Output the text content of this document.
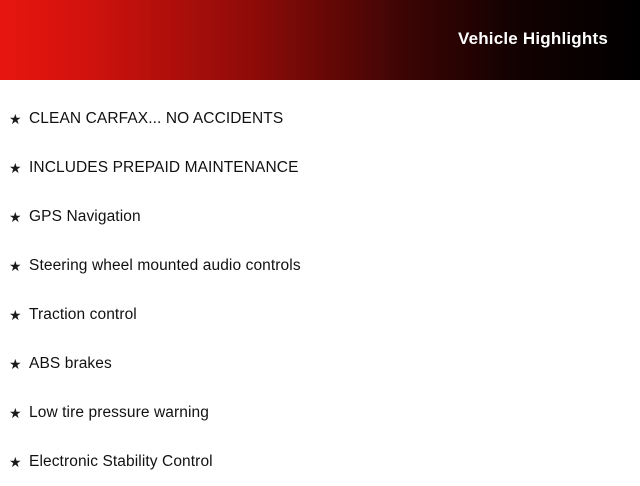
Vehicle Highlights
★ CLEAN CARFAX... NO ACCIDENTS
★ INCLUDES PREPAID MAINTENANCE
★ GPS Navigation
★ Steering wheel mounted audio controls
★ Traction control
★ ABS brakes
★ Low tire pressure warning
★ Electronic Stability Control
